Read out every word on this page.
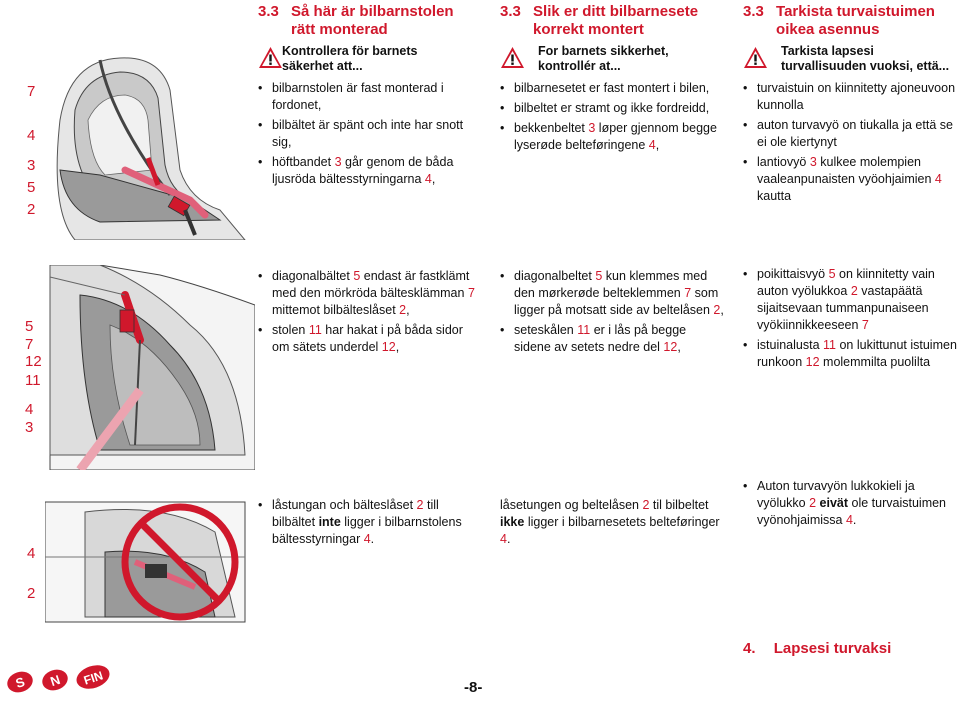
7
4
3
5
2
3.3 Så här är bilbarnstolen
rätt monterad
Kontrollera för barnets
säkerhet att...
• bilbarnstolen är fast monterad i fordonet,
• bilbältet är spänt och inte har snott sig,
• höftbandet 3 går genom de båda ljusröda bältesstyrningarna 4,
3.3 Slik er ditt bilbarnesete
korrekt montert
For barnets sikkerhet,
kontrollér at...
• bilbarnesetet er fast montert i bilen,
• bilbeltet er stramt og ikke fordreidd,
• bekkenbeltet 3 løper gjennom begge lyserøde belteføringene 4,
3.3 Tarkista turvaistuimen
oikea asennus
Tarkista lapsesi
turvallisuuden vuoksi, että...
• turvaistuin on kiinnitetty ajoneuvoon kunnolla
• auton turvavyö on tiukalla ja että se ei ole kiertynyt
• lantiovyö 3 kulkee molempien vaaleanpunaisten vyöohjaimien 4 kautta
5
7
12
11
4
3
• diagonalbältet 5 endast är fastklämt med den mörkröda bältesklämman 7 mittemot bilbälteslåset 2,
• stolen 11 har hakat i på båda sidor om sätets underdel 12,
• diagonalbeltet 5 kun klemmes med den mørkerøde belteklemmen 7 som ligger på motsatt side av beltelåsen 2,
• seteskålen 11 er i lås på begge sidene av setets nedre del 12,
• poikittaisvyö 5 on kiinnitetty vain auton vyölukkoa 2 vastapäätä sijaitsevaan tummanpunaiseen vyökiinnikkeeseen 7
• istuinalusta 11 on lukittunut istuimen runkoon 12 molemmilta puolilta
4
2
• låstungan och bälteslåset 2 till bilbältet inte ligger i bilbarnstolens bältesstyrningar 4.

låsetungen og beltelåsen 2 til bilbeltet ikke ligger i bilbarnesetets belteføringer 4.

• Auton turvavyön lukkokieli ja vyölukko 2 eivät ole turvaistuimen vyönohjaimissa 4.
S N FIN	-8-
4. Lapsesi turvaksi
